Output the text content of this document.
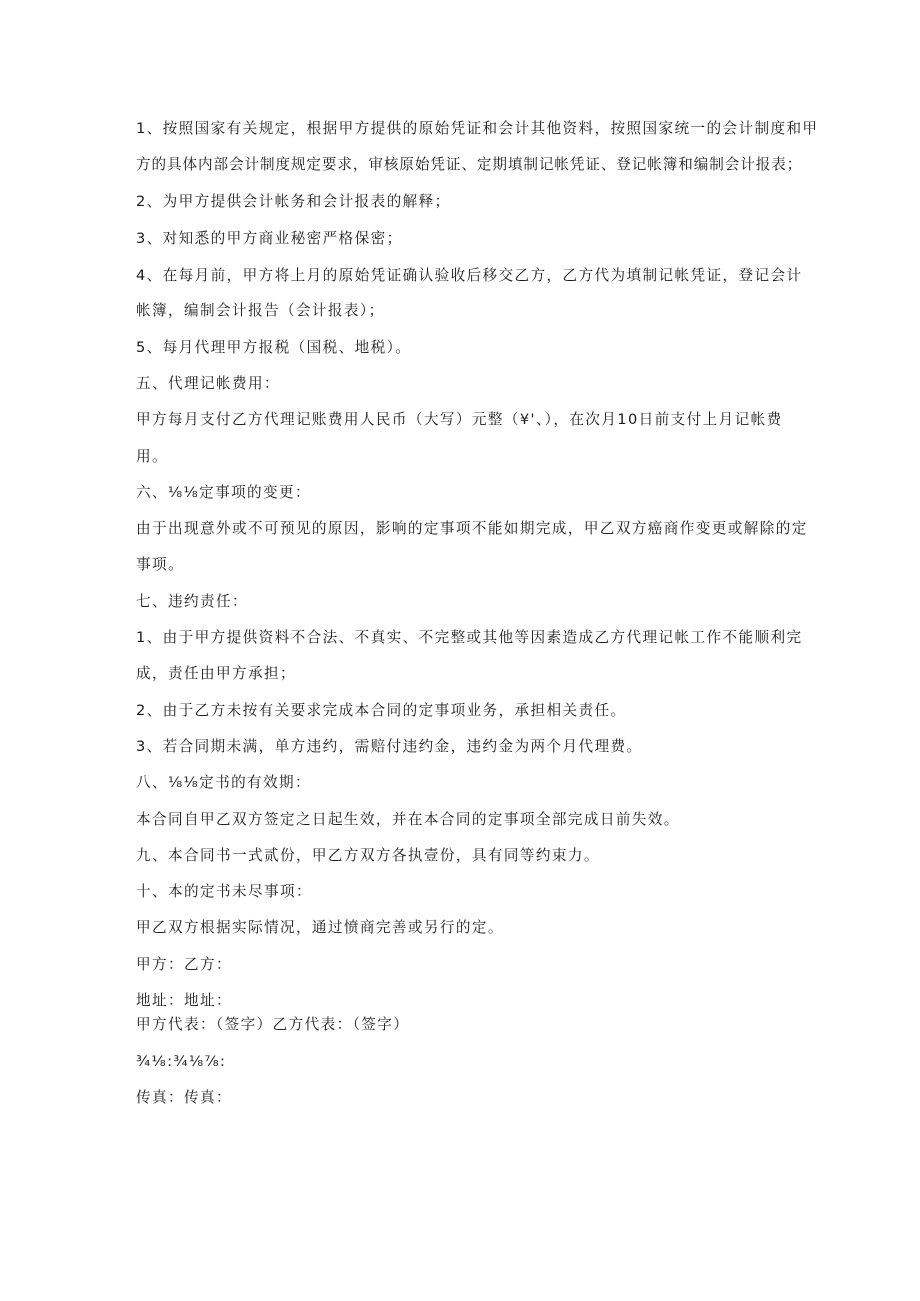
1、按照国家有关规定，根据甲方提供的原始凭证和会计其他资料，按照国家统一的会计制度和甲
方的具体内部会计制度规定要求，审核原始凭证、定期填制记帐凭证、登记帐簿和编制会计报表；
2、为甲方提供会计帐务和会计报表的解释；
3、对知悉的甲方商业秘密严格保密；
4、在每月前，甲方将上月的原始凭证确认验收后移交乙方，乙方代为填制记帐凭证，登记会计
帐簿，编制会计报告（会计报表）；
5、每月代理甲方报税（国税、地税）。
五、代理记帐费用：
甲方每月支付乙方代理记账费用人民币（大写）元整（¥'、），在次月10日前支付上月记帐费
用。
六、⅛⅛定事项的变更：
由于出现意外或不可预见的原因，影响的定事项不能如期完成，甲乙双方癌商作变更或解除的定
事项。
七、违约责任：
1、由于甲方提供资料不合法、不真实、不完整或其他等因素造成乙方代理记帐工作不能顺利完
成，责任由甲方承担；
2、由于乙方未按有关要求完成本合同的定事项业务，承担相关责任。
3、若合同期未满，单方违约，需赔付违约金，违约金为两个月代理费。
八、⅛⅛定书的有效期：
本合同自甲乙双方签定之日起生效，并在本合同的定事项全部完成日前失效。
九、本合同书一式贰份，甲乙方双方各执壹份，具有同等约束力。
十、本的定书未尽事项：
甲乙双方根据实际情况，通过愤商完善或另行的定。
甲方：乙方：
地址：地址：
甲方代表：（签字）乙方代表：（签字）
¾⅛:¾⅛⅞:
传真：传真：
